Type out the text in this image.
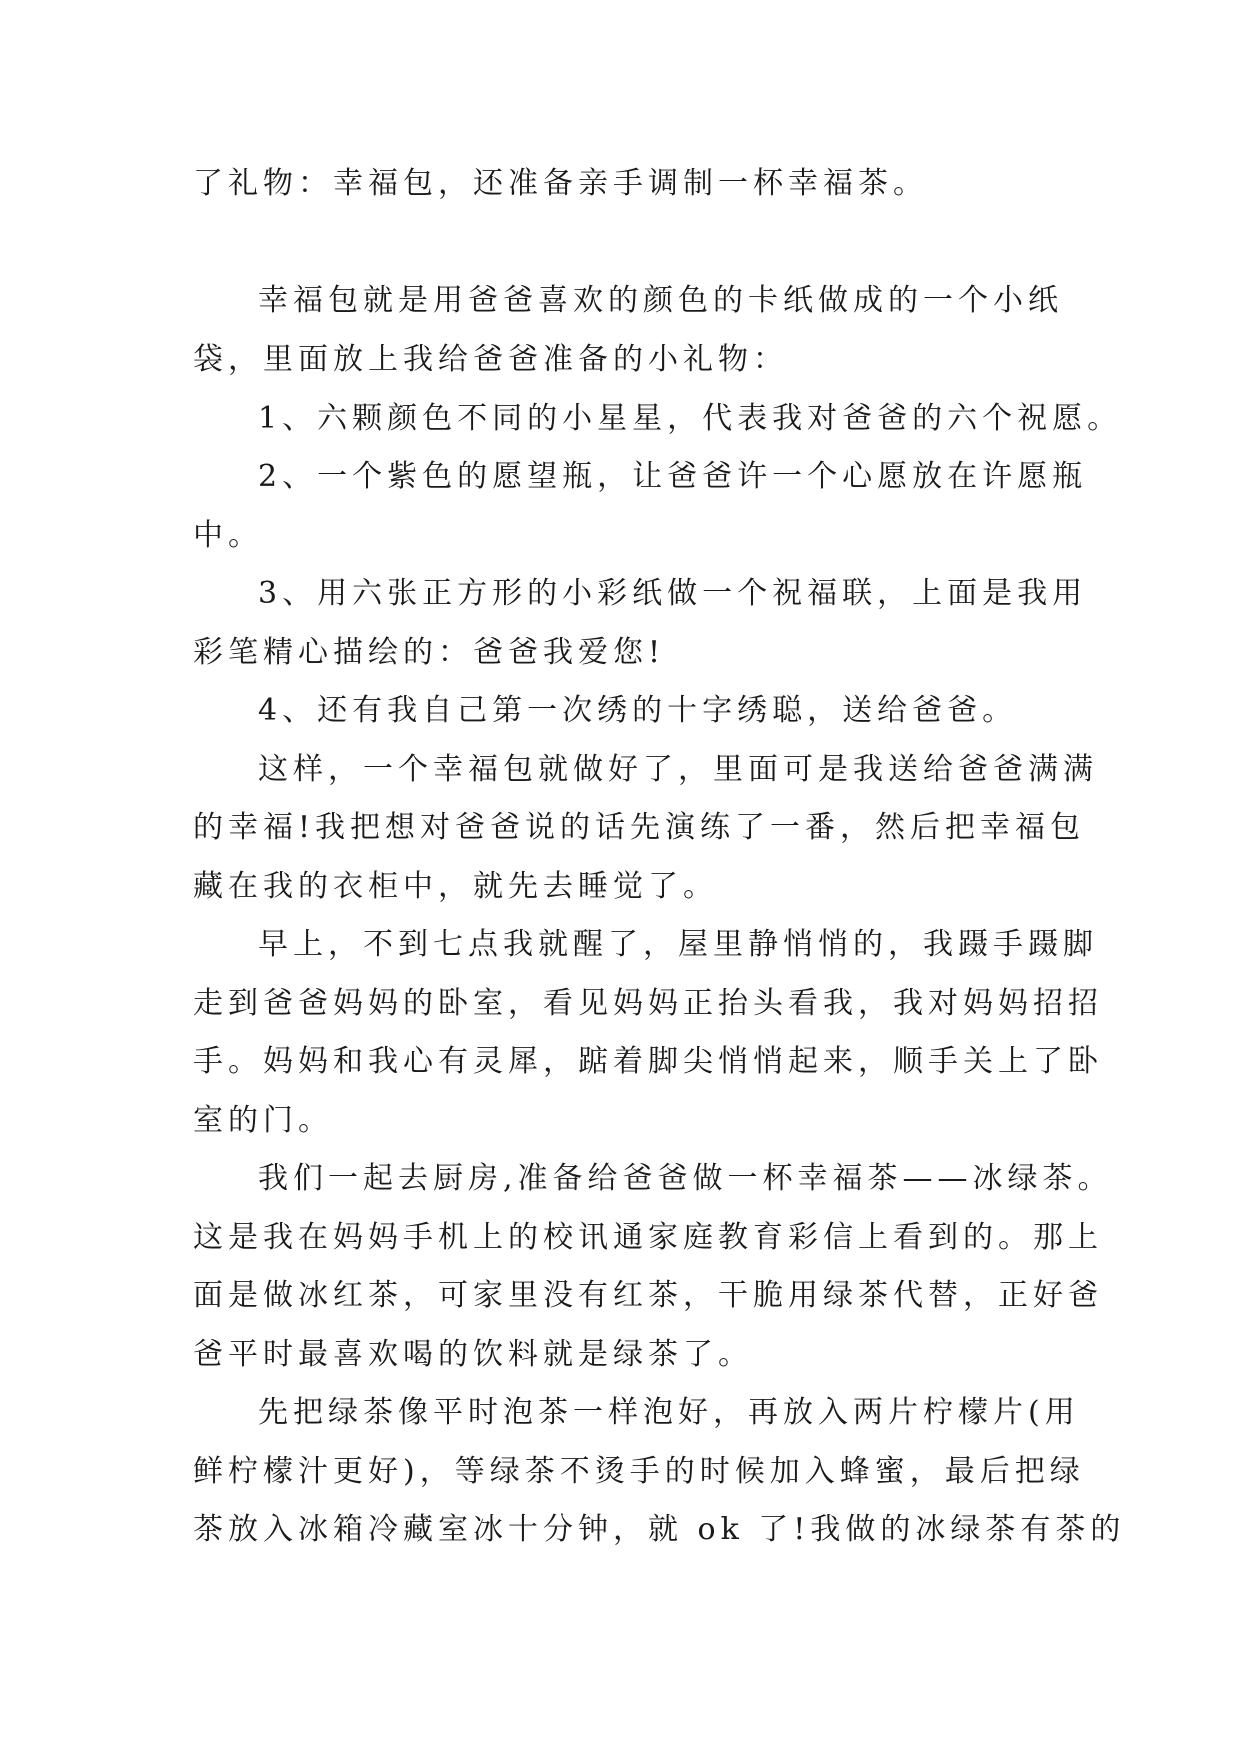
了礼物：幸福包，还准备亲手调制一杯幸福茶。
幸福包就是用爸爸喜欢的颜色的卡纸做成的一个小纸
袋，里面放上我给爸爸准备的小礼物：
1、六颗颜色不同的小星星，代表我对爸爸的六个祝愿。
2、一个紫色的愿望瓶，让爸爸许一个心愿放在许愿瓶
中。
3、用六张正方形的小彩纸做一个祝福联，上面是我用
彩笔精心描绘的：爸爸我爱您!
4、还有我自己第一次绣的十字绣聪，送给爸爸。
这样，一个幸福包就做好了，里面可是我送给爸爸满满
的幸福!我把想对爸爸说的话先演练了一番，然后把幸福包
藏在我的衣柜中，就先去睡觉了。
早上，不到七点我就醒了，屋里静悄悄的，我蹑手蹑脚
走到爸爸妈妈的卧室，看见妈妈正抬头看我，我对妈妈招招
手。妈妈和我心有灵犀，踮着脚尖悄悄起来，顺手关上了卧
室的门。
我们一起去厨房,准备给爸爸做一杯幸福茶——冰绿茶。
这是我在妈妈手机上的校讯通家庭教育彩信上看到的。那上
面是做冰红茶，可家里没有红茶，干脆用绿茶代替，正好爸
爸平时最喜欢喝的饮料就是绿茶了。
先把绿茶像平时泡茶一样泡好，再放入两片柠檬片(用
鲜柠檬汁更好)，等绿茶不烫手的时候加入蜂蜜，最后把绿
茶放入冰箱冷藏室冰十分钟，就 ok 了!我做的冰绿茶有茶的
